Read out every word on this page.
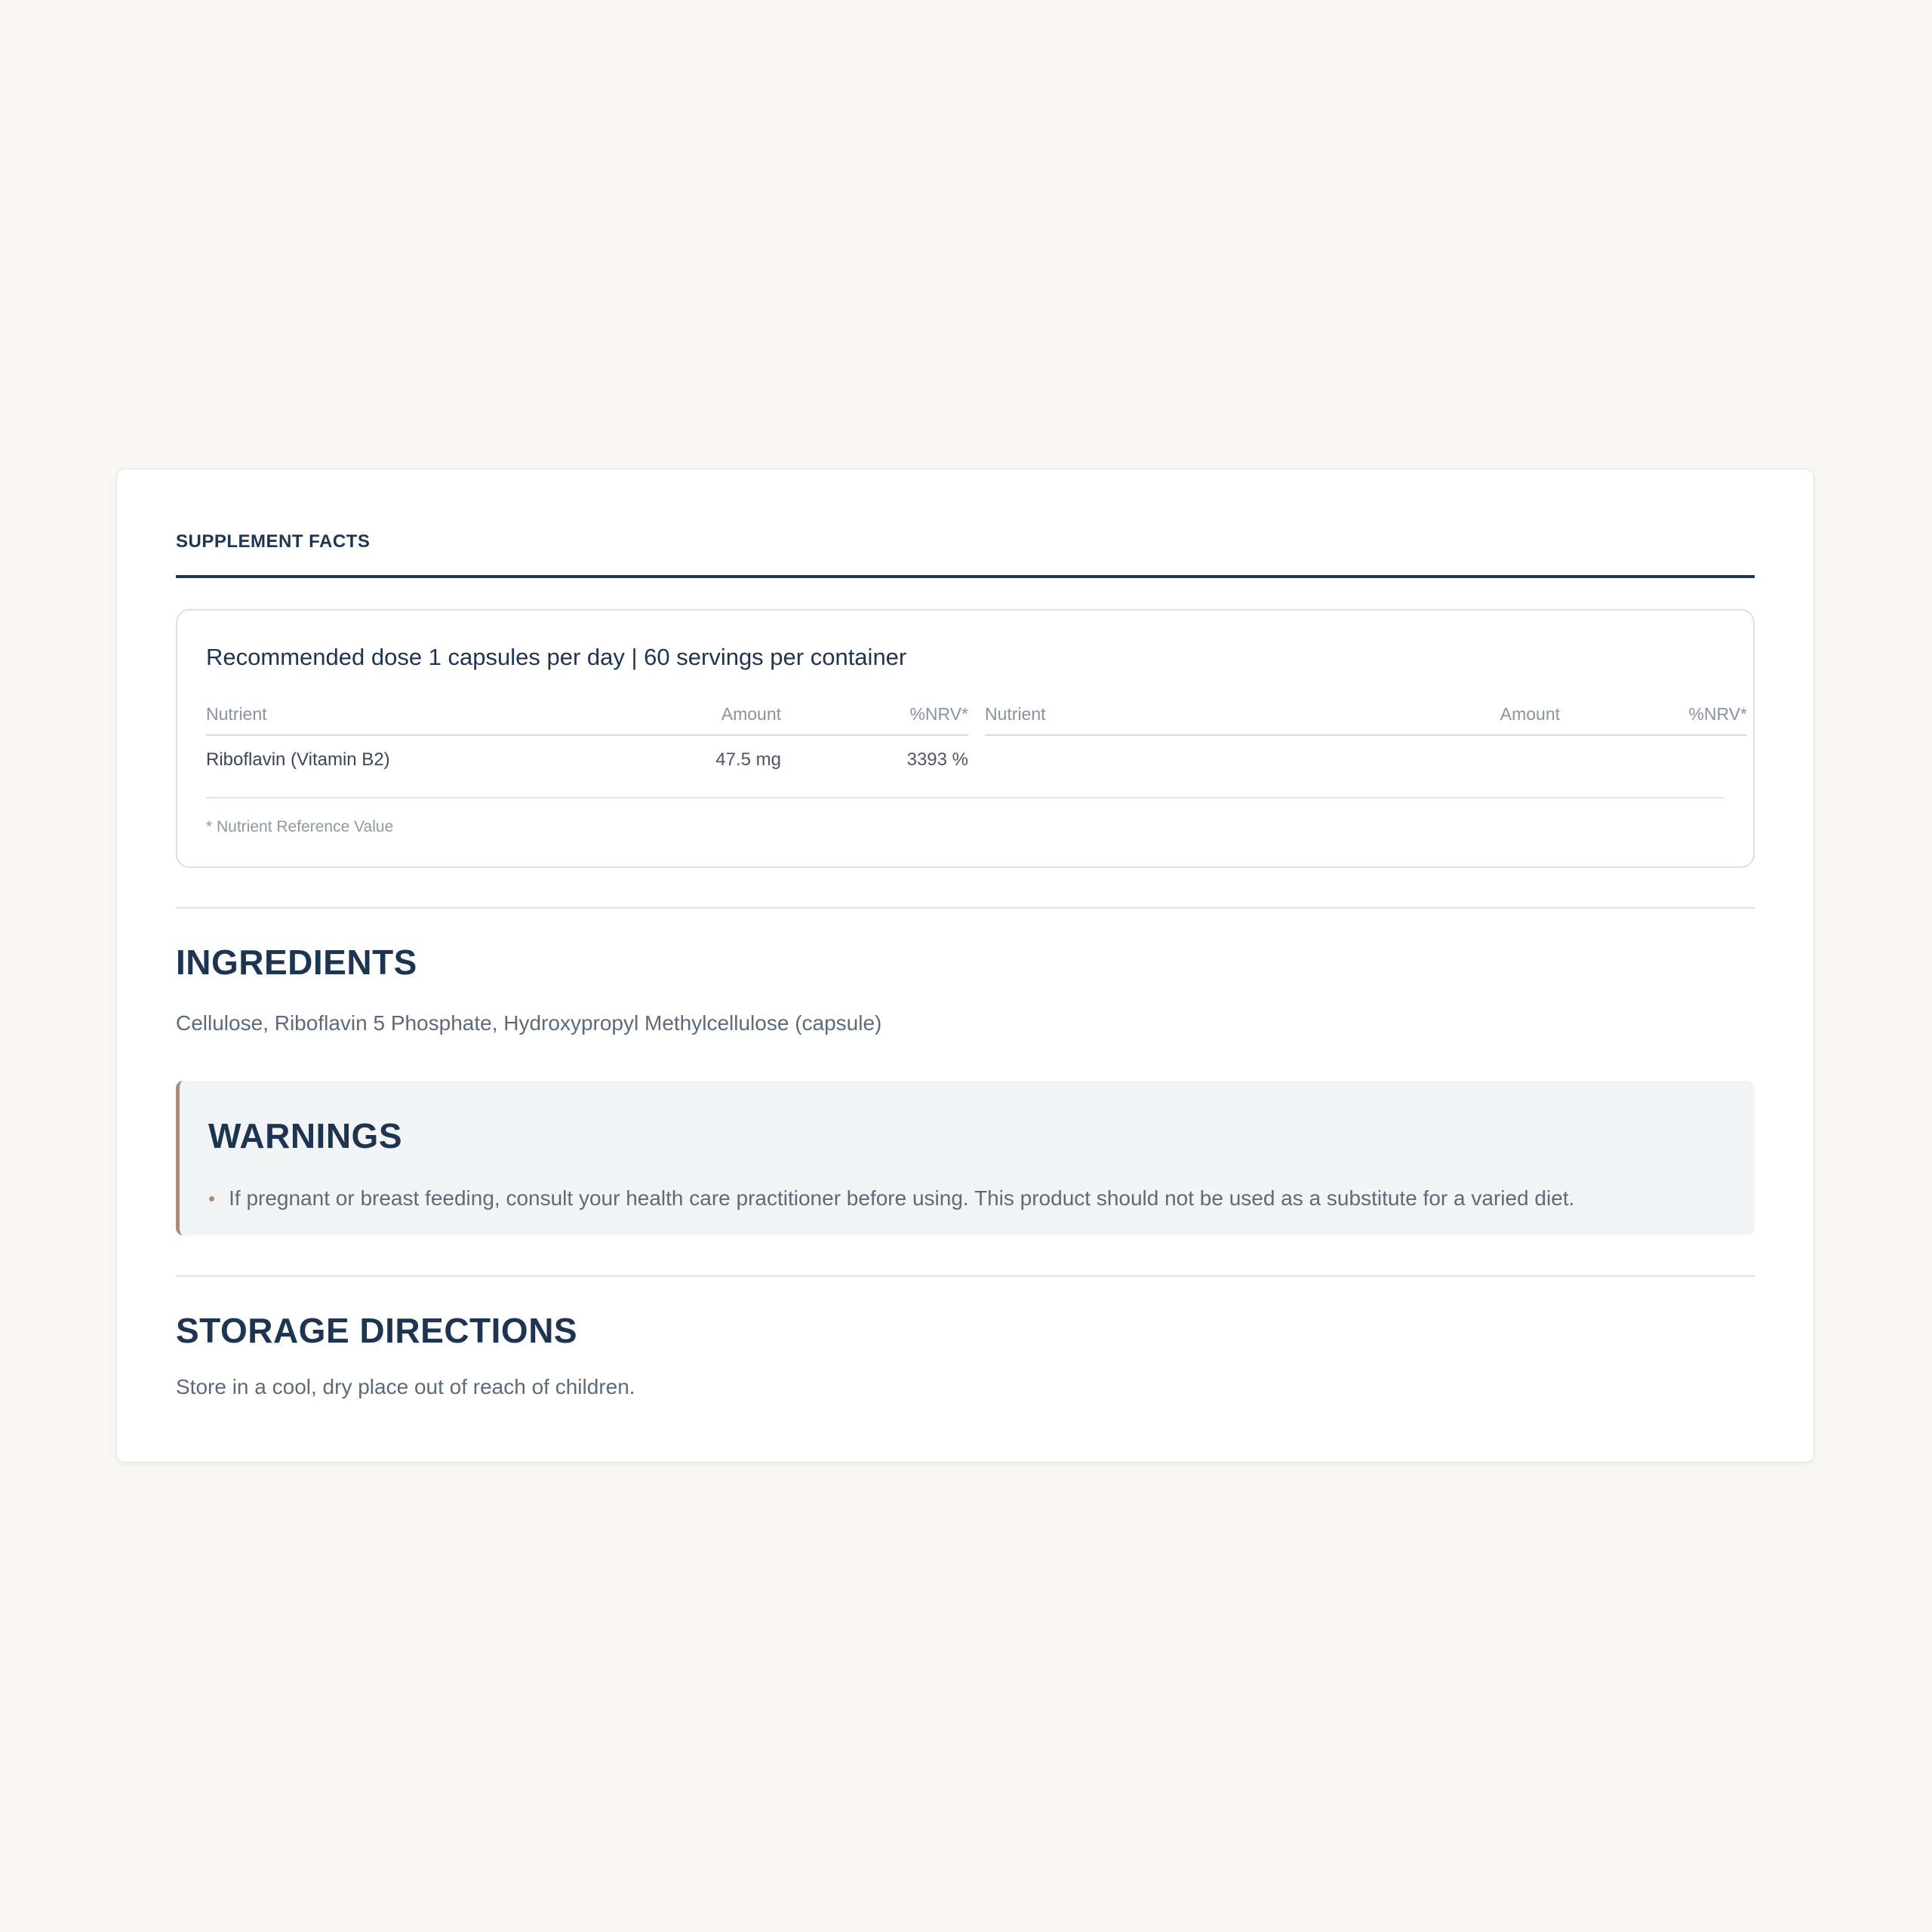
SUPPLEMENT FACTS
Recommended dose 1 capsules per day | 60 servings per container
Nutrient	Amount	%NRV*
Riboflavin (Vitamin B2)	47.5 mg	3393 %
Nutrient	Amount	%NRV*
* Nutrient Reference Value
INGREDIENTS
Cellulose, Riboflavin 5 Phosphate, Hydroxypropyl Methylcellulose (capsule)
WARNINGS
• If pregnant or breast feeding, consult your health care practitioner before using. This product should not be used as a substitute for a varied diet.
STORAGE DIRECTIONS
Store in a cool, dry place out of reach of children.
